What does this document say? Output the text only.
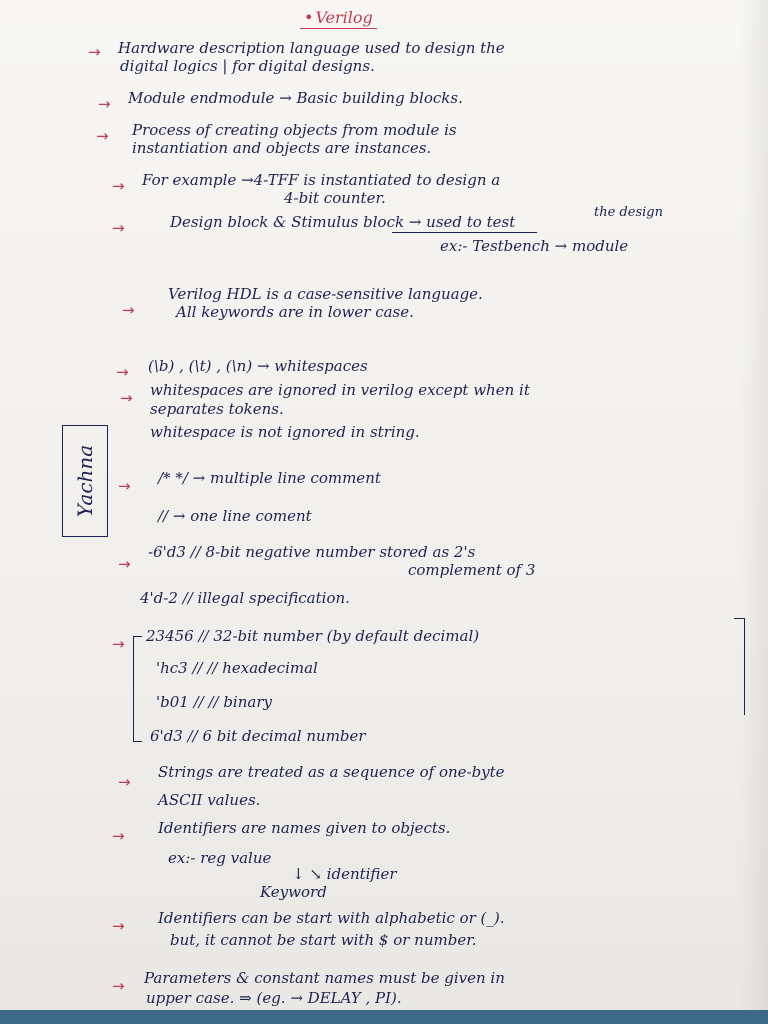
• Verilog
→ Hardware description language used to design the
digital logics | for digital designs.
→ Module endmodule → Basic building blocks.
→ Process of creating objects from module is
instantiation and objects are instances.
→ For example →4-TFF is instantiated to design a
4-bit counter.
→	Design block & Stimulus block → used to test
the design
ex:- Testbench → module
→
Verilog HDL is a case-sensitive language.
All keywords are in lower case.
→ (\b) , (\t) , (\n) → whitespaces
→ whitespaces are ignored in verilog except when it
separates tokens.
whitespace is not ignored in string.
Yachna → /* */ → multiple line comment
// → one line coment
→
-6'd3 // 8-bit negative number stored as 2's
complement of 3
4'd-2 // illegal specification.
→ 23456 // 32-bit number (by default decimal)
'hc3 // // hexadecimal
'b01 // // binary
6'd3 // 6 bit decimal number
→
Strings are treated as a sequence of one-byte
ASCII values.
→ Identifiers are names given to objects.
ex:- reg value
↓ ↘ identifier
Keyword
→ Identifiers can be start with alphabetic or (_).
but, it cannot be start with $ or number.
→ Parameters & constant names must be given in
upper case. ⇒ (eg. → DELAY , PI).
